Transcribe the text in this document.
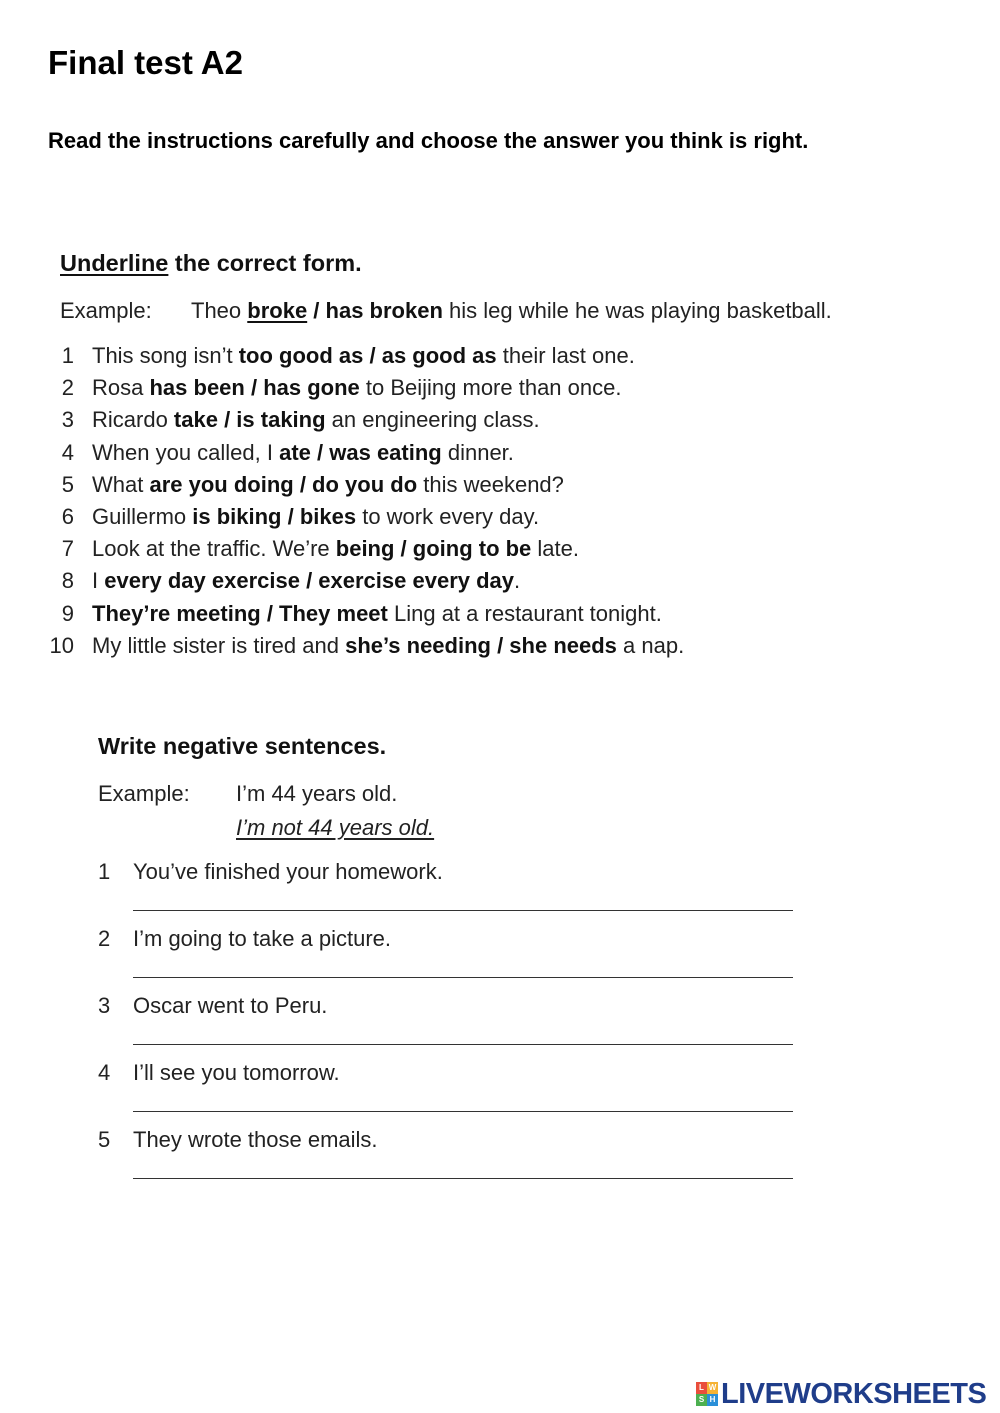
Final test A2

Read the instructions carefully and choose the answer you think is right.

Underline the correct form.
Example: Theo broke / has broken his leg while he was playing basketball.
1 This song isn’t too good as / as good as their last one.
2 Rosa has been / has gone to Beijing more than once.
3 Ricardo take / is taking an engineering class.
4 When you called, I ate / was eating dinner.
5 What are you doing / do you do this weekend?
6 Guillermo is biking / bikes to work every day.
7 Look at the traffic. We’re being / going to be late.
8 I every day exercise / exercise every day.
9 They’re meeting / They meet Ling at a restaurant tonight.
10 My little sister is tired and she’s needing / she needs a nap.
Write negative sentences.
Example: I’m 44 years old.
I’m not 44 years old.
1 You’ve finished your homework.
2 I’m going to take a picture.
3 Oscar went to Peru.
4 I’ll see you tomorrow.
5 They wrote those emails.
L W
S H LIVEWORKSHEETS
